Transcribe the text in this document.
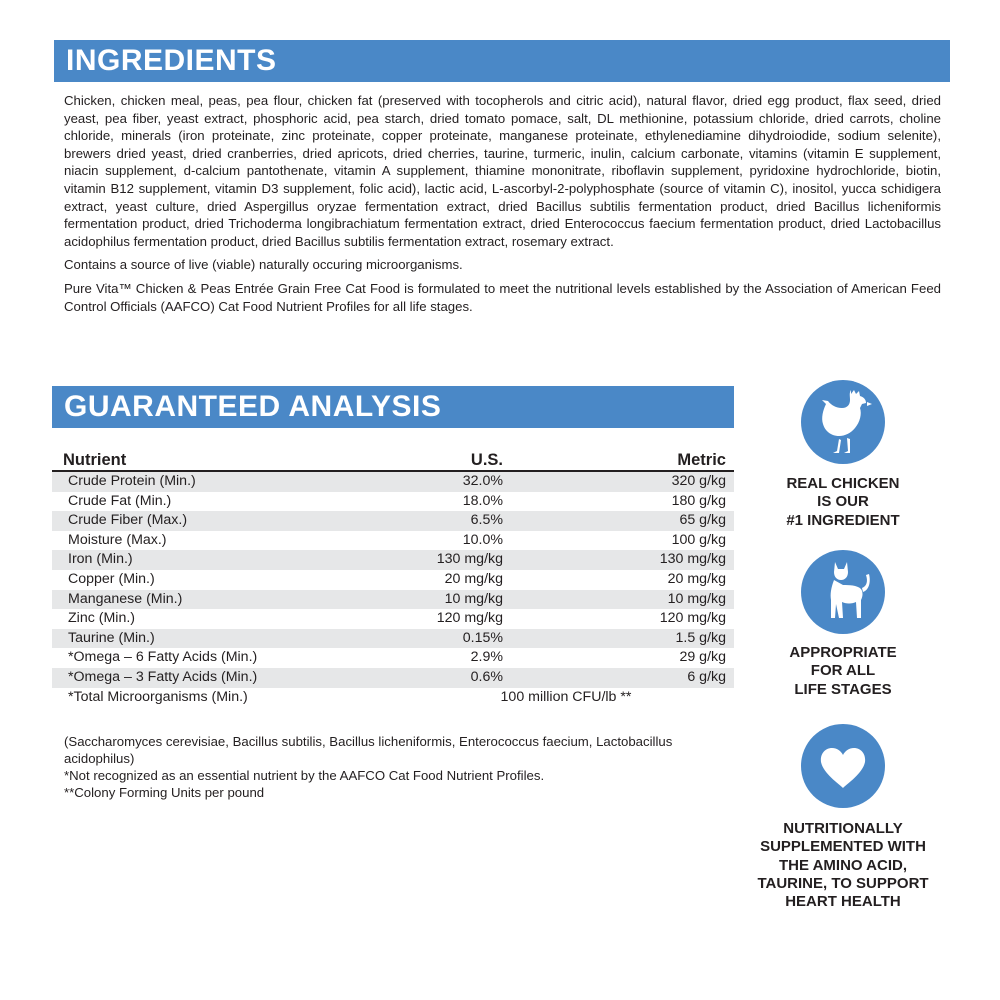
INGREDIENTS

Chicken, chicken meal, peas, pea flour, chicken fat (preserved with tocopherols and citric acid), natural flavor, dried egg product, flax seed, dried yeast, pea fiber, yeast extract, phosphoric acid, pea starch, dried tomato pomace, salt, DL methionine, potassium chloride, dried carrots, choline chloride, minerals (iron proteinate, zinc proteinate, copper proteinate, manganese proteinate, ethylenediamine dihydroiodide, sodium selenite), brewers dried yeast, dried cranberries, dried apricots, dried cherries, taurine, turmeric, inulin, calcium carbonate, vitamins (vitamin E supplement, niacin supplement, d-calcium pantothenate, vitamin A supplement, thiamine mononitrate, riboflavin supplement, pyridoxine hydrochloride, biotin, vitamin B12 supplement, vitamin D3 supplement, folic acid), lactic acid, L-ascorbyl-2-polyphosphate (source of vitamin C), inositol, yucca schidigera extract, yeast culture, dried Aspergillus oryzae fermentation extract, dried Bacillus subtilis fermentation product, dried Bacillus licheniformis fermentation product, dried Trichoderma longibrachiatum fermentation extract, dried Enterococcus faecium fermentation product, dried Lactobacillus acidophilus fermentation product, dried Bacillus subtilis fermentation extract, rosemary extract.

Contains a source of live (viable) naturally occuring microorganisms.

Pure Vita™ Chicken & Peas Entrée Grain Free Cat Food is formulated to meet the nutritional levels established by the Association of American Feed Control Officials (AAFCO) Cat Food Nutrient Profiles for all life stages.

GUARANTEED ANALYSIS
Nutrient	U.S.	Metric
Crude Protein (Min.)	32.0%	320 g/kg
Crude Fat (Min.)	18.0%	180 g/kg
Crude Fiber (Max.)	6.5%	65 g/kg
Moisture (Max.)	10.0%	100 g/kg
Iron (Min.)	130 mg/kg	130 mg/kg
Copper (Min.)	20 mg/kg	20 mg/kg
Manganese (Min.)	10 mg/kg	10 mg/kg
Zinc (Min.)	120 mg/kg	120 mg/kg
Taurine (Min.)	0.15%	1.5 g/kg
*Omega – 6 Fatty Acids (Min.)	2.9%	29 g/kg
*Omega – 3 Fatty Acids (Min.)	0.6%	6 g/kg
*Total Microorganisms (Min.)	100 million CFU/lb **	
(Saccharomyces cerevisiae, Bacillus subtilis, Bacillus licheniformis, Enterococcus faecium, Lactobacillus acidophilus)
*Not recognized as an essential nutrient by the AAFCO Cat Food Nutrient Profiles.
**Colony Forming Units per pound
REAL CHICKEN
IS OUR
#1 INGREDIENT
APPROPRIATE
FOR ALL
LIFE STAGES
NUTRITIONALLY
SUPPLEMENTED WITH
THE AMINO ACID,
TAURINE, TO SUPPORT
HEART HEALTH
